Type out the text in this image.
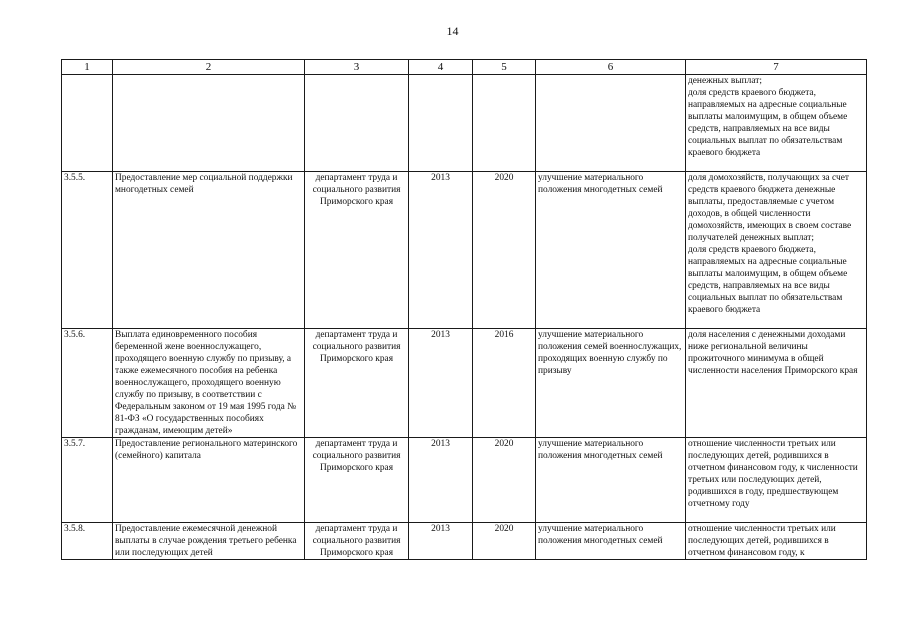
14
1	2	3	4	5	6	7
						денежных выплат;
доля средств краевого бюджета, направляемых на адресные социальные выплаты малоимущим, в общем объеме средств, направляемых на все виды социальных выплат по обязательствам краевого бюджета
3.5.5.	Предоставление мер социальной поддержки многодетных семей	департамент труда и социального развития Приморского края	2013	2020	улучшение материального положения многодетных семей	доля домохозяйств, получающих за счет средств краевого бюджета денежные выплаты, предоставляемые с учетом доходов, в общей численности домохозяйств, имеющих в своем составе получателей денежных выплат;
доля средств краевого бюджета, направляемых на адресные социальные выплаты малоимущим, в общем объеме средств, направляемых на все виды социальных выплат по обязательствам краевого бюджета
3.5.6.	Выплата единовременного пособия беременной жене военнослужащего, проходящего военную службу по призыву, а также ежемесячного пособия на ребенка военнослужащего, проходящего военную службу по призыву, в соответствии с Федеральным законом от 19 мая 1995 года № 81-ФЗ «О государственных пособиях гражданам, имеющим детей»	департамент труда и социального развития Приморского края	2013	2016	улучшение материального положения семей военнослужащих, проходящих военную службу по призыву	доля населения с денежными доходами ниже региональной величины прожиточного минимума в общей численности населения Приморского края
3.5.7.	Предоставление регионального материнского (семейного) капитала	департамент труда и социального развития Приморского края	2013	2020	улучшение материального положения многодетных семей	отношение численности третьих или последующих детей, родившихся в отчетном финансовом году, к численности третьих или последующих детей, родившихся в году, предшествующем отчетному году
3.5.8.	Предоставление ежемесячной денежной выплаты в случае рождения третьего ребенка или последующих детей	департамент труда и социального развития Приморского края	2013	2020	улучшение материального положения многодетных семей	отношение численности третьих или последующих детей, родившихся в отчетном финансовом году, к
